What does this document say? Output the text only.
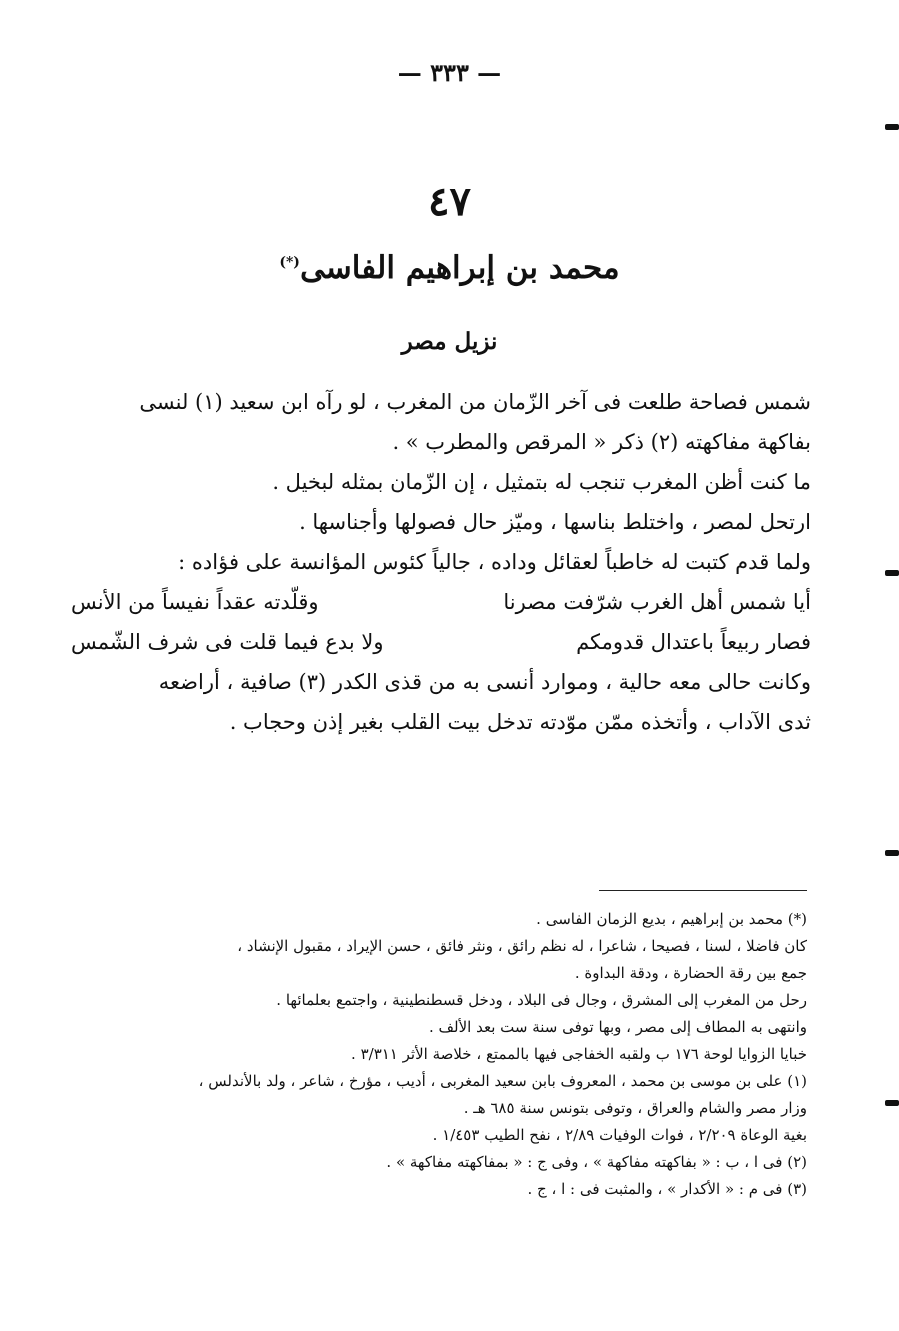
— ٣٣٣ —
٤٧
محمد بن إبراهيم الفاسى(*)
نزيل مصر

شمس فصاحة طلعت فى آخر الزّمان من المغرب ، لو رآه ابن سعيد (١) لنسى

بفاكهة مفاكهته (٢) ذكر « المرقص والمطرب » .

ما كنت أظن المغرب تنجب له بتمثيل ، إن الزّمان بمثله لبخيل .

ارتحل لمصر ، واختلط بناسها ، وميّز حال فصولها وأجناسها .

ولما قدم كتبت له خاطباً لعقائل وداده ، جالياً كئوس المؤانسة على فؤاده :

أيا شمس أهل الغرب شرّفت مصرنا
وقلّدته عقداً نفيساً من الأنس
فصار ربيعاً باعتدال قدومكم
ولا بدع فيما قلت فى شرف الشّمس

وكانت حالى معه حالية ، وموارد أنسى به من قذى الكدر (٣) صافية ، أراضعه

ثدى الآداب ، وأتخذه ممّن موّدته تدخل بيت القلب بغير إذن وحجاب .

(*) محمد بن إبراهيم ، بديع الزمان الفاسى .

كان فاضلا ، لسنا ، فصيحا ، شاعرا ، له نظم رائق ، ونثر فائق ، حسن الإيراد ، مقبول الإنشاد ،

جمع بين رقة الحضارة ، ودقة البداوة .

رحل من المغرب إلى المشرق ، وجال فى البلاد ، ودخل قسطنطينية ، واجتمع بعلمائها .

وانتهى به المطاف إلى مصر ، وبها توفى سنة ست بعد الألف .

خبايا الزوايا لوحة ١٧٦ ب ولقبه الخفاجى فيها بالممتع ، خلاصة الأثر ٣/٣١١ .

(١) على بن موسى بن محمد ، المعروف بابن سعيد المغربى ، أديب ، مؤرخ ، شاعر ، ولد بالأندلس ،

وزار مصر والشام والعراق ، وتوفى بتونس سنة ٦٨٥ هـ .

بغية الوعاة ٢/٢٠٩ ، فوات الوفيات ٢/٨٩ ، نفح الطيب ١/٤٥٣ .

(٢) فى ا ، ب : « بفاكهته مفاكهة » ، وفى ج : « بمفاكهته مفاكهة » .

(٣) فى م : « الأكدار » ، والمثبت فى : ا ، ج .
